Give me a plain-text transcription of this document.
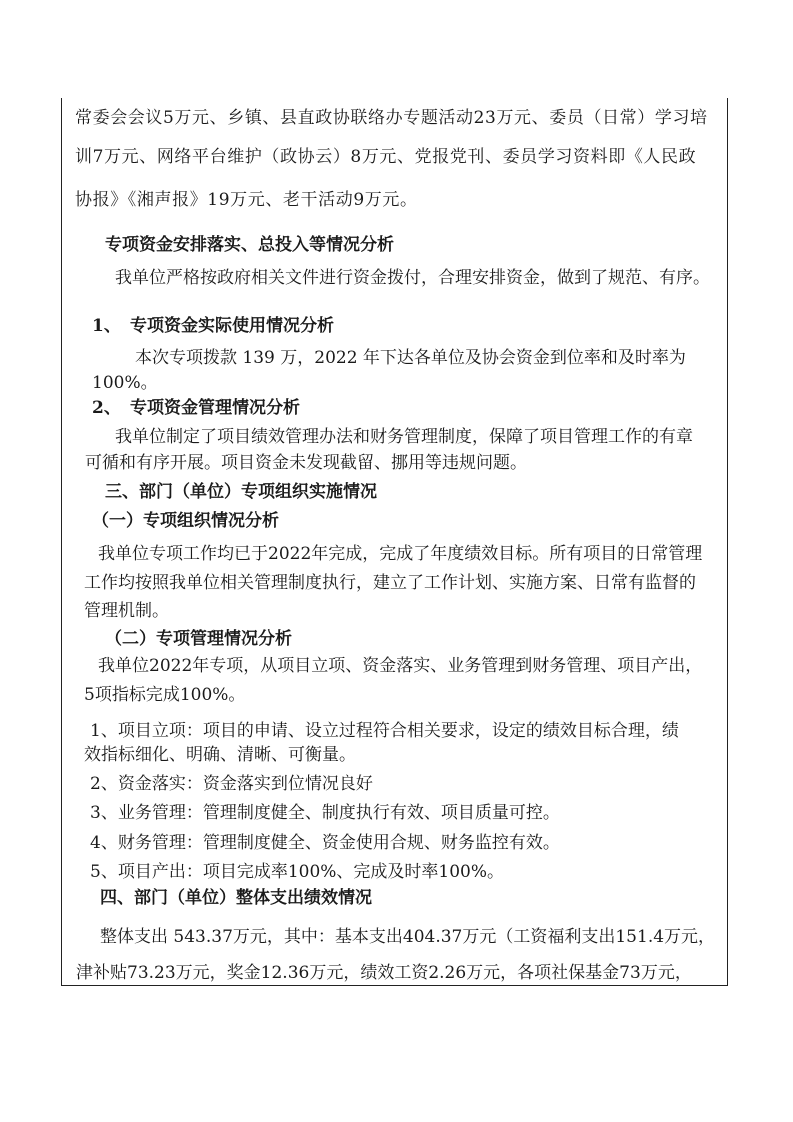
常委会会议5万元、乡镇、县直政协联络办专题活动23万元、委员（日常）学习培
训7万元、网络平台维护（政协云）8万元、党报党刊、委员学习资料即《人民政
协报》《湘声报》19万元、老干活动9万元。
专项资金安排落实、总投入等情况分析
我单位严格按政府相关文件进行资金拨付，合理安排资金，做到了规范、有序。
1、 专项资金实际使用情况分析
本次专项拨款 139 万，2022 年下达各单位及协会资金到位率和及时率为
100%。
2、 专项资金管理情况分析
我单位制定了项目绩效管理办法和财务管理制度，保障了项目管理工作的有章
可循和有序开展。项目资金未发现截留、挪用等违规问题。
三、部门（单位）专项组织实施情况
（一）专项组织情况分析
我单位专项工作均已于2022年完成，完成了年度绩效目标。所有项目的日常管理
工作均按照我单位相关管理制度执行，建立了工作计划、实施方案、日常有监督的
管理机制。
（二）专项管理情况分析
我单位2022年专项，从项目立项、资金落实、业务管理到财务管理、项目产出，
5项指标完成100%。
1、项目立项：项目的申请、设立过程符合相关要求，设定的绩效目标合理，绩
效指标细化、明确、清晰、可衡量。
2、资金落实：资金落实到位情况良好
3、业务管理：管理制度健全、制度执行有效、项目质量可控。
4、财务管理：管理制度健全、资金使用合规、财务监控有效。
5、项目产出：项目完成率100%、完成及时率100%。
四、部门（单位）整体支出绩效情况
整体支出 543.37万元，其中：基本支出404.37万元（工资福利支出151.4万元，
津补贴73.23万元，奖金12.36万元，绩效工资2.26万元，各项社保基金73万元，
